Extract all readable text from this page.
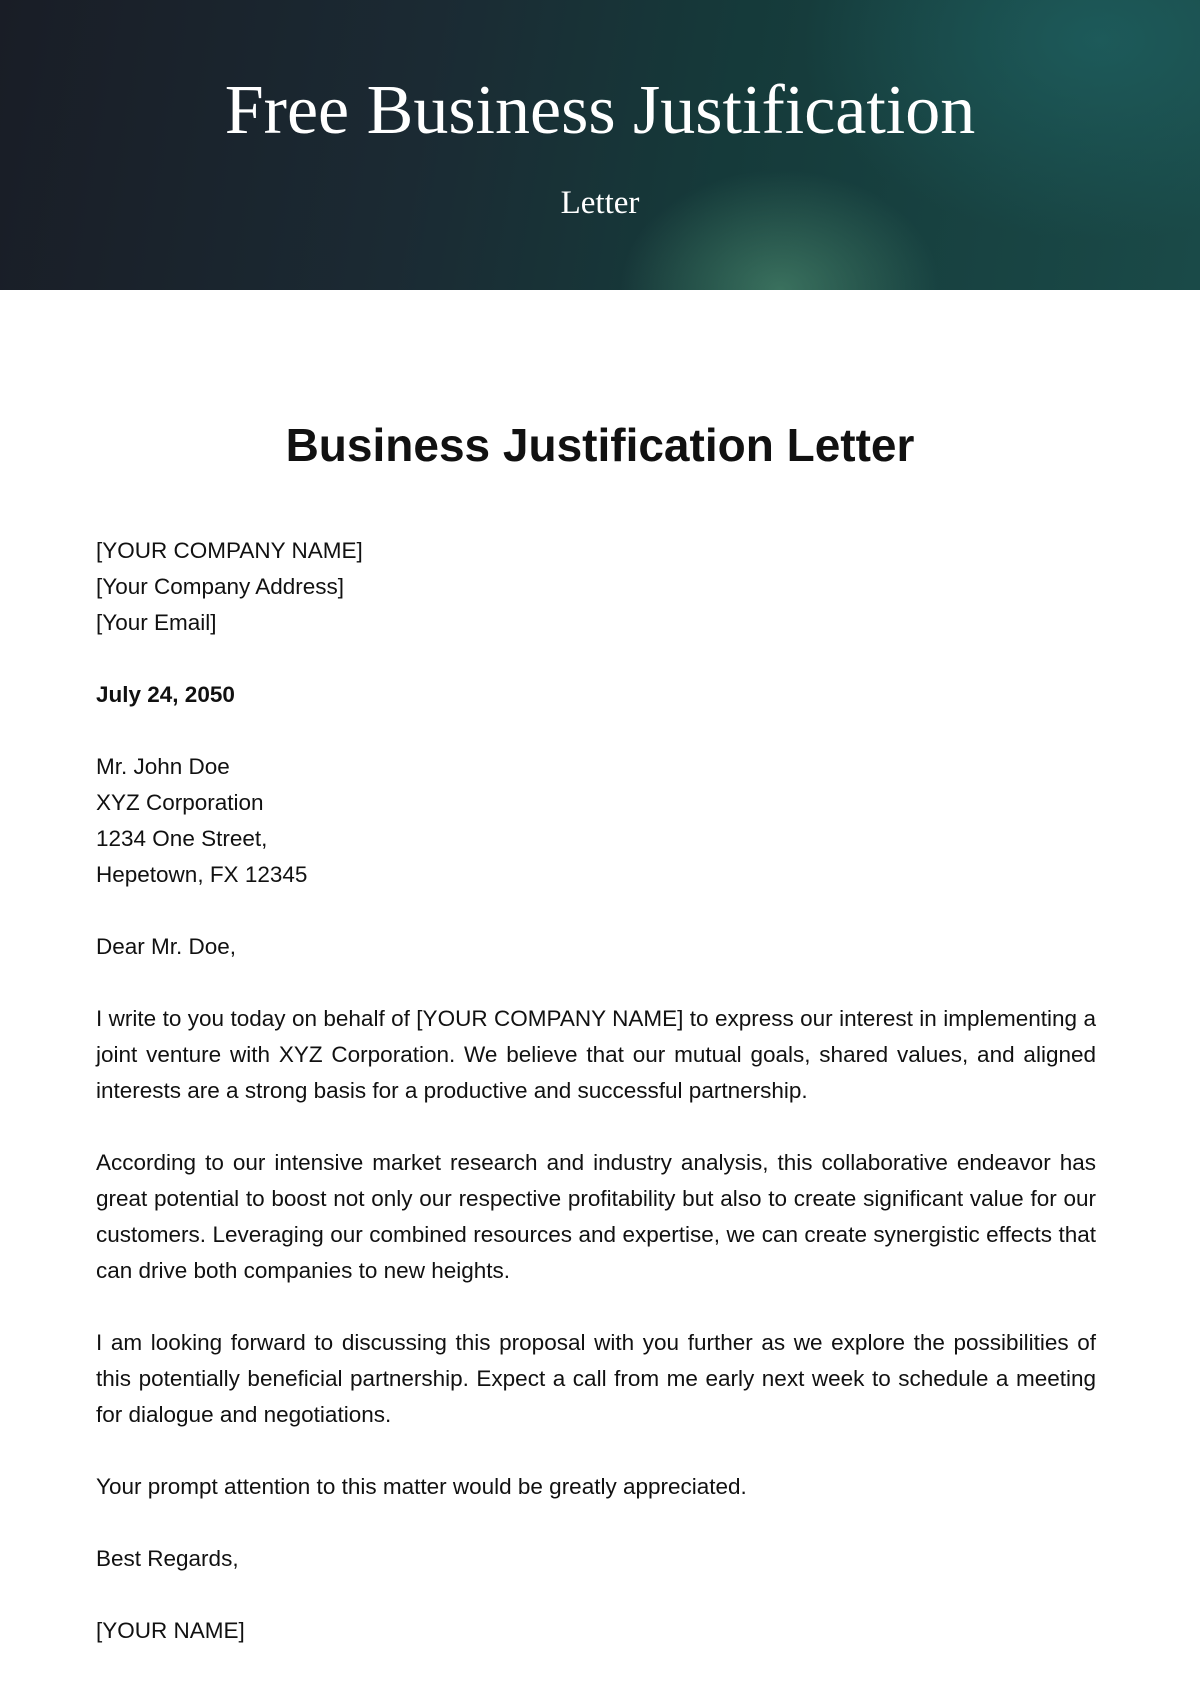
Free Business Justification
Letter
Business Justification Letter

[YOUR COMPANY NAME]
[Your Company Address]
[Your Email]

July 24, 2050

Mr. John Doe
XYZ Corporation
1234 One Street,
Hepetown, FX 12345

Dear Mr. Doe,

I write to you today on behalf of [YOUR COMPANY NAME] to express our interest in implementing a joint venture with XYZ Corporation. We believe that our mutual goals, shared values, and aligned interests are a strong basis for a productive and successful partnership.

According to our intensive market research and industry analysis, this collaborative endeavor has great potential to boost not only our respective profitability but also to create significant value for our customers. Leveraging our combined resources and expertise, we can create synergistic effects that can drive both companies to new heights.

I am looking forward to discussing this proposal with you further as we explore the possibilities of this potentially beneficial partnership. Expect a call from me early next week to schedule a meeting for dialogue and negotiations.

Your prompt attention to this matter would be greatly appreciated.

Best Regards,

[YOUR NAME]
